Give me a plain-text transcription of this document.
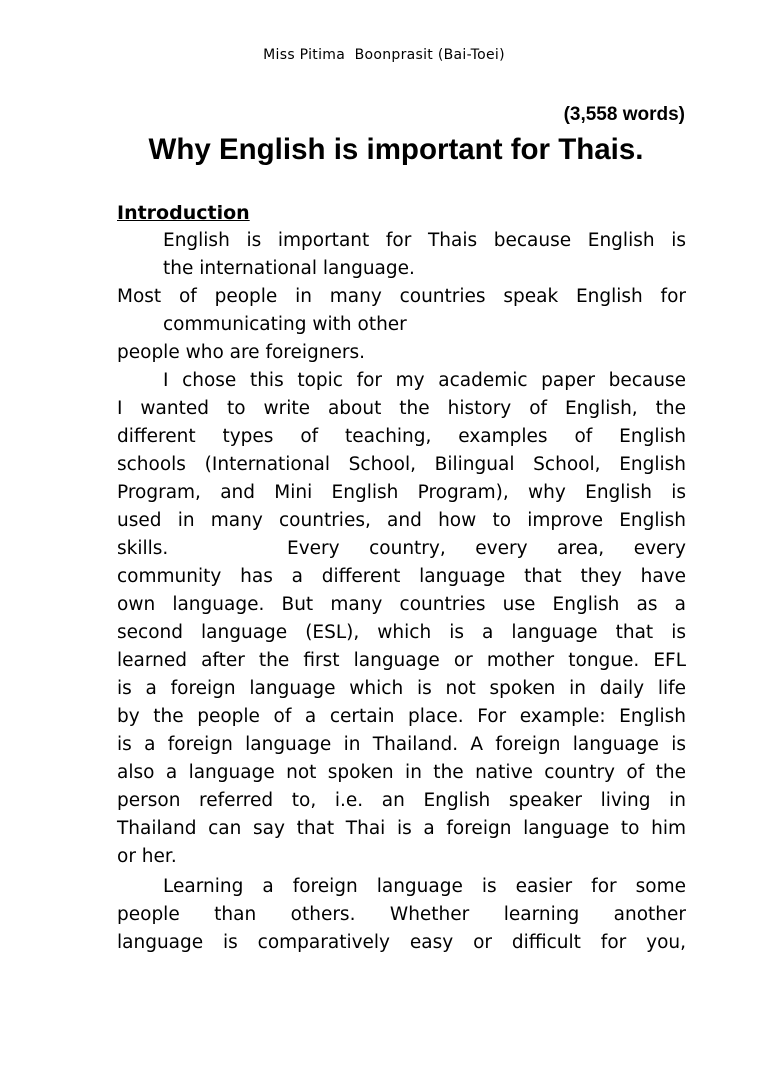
Miss Pitima  Boonprasit (Bai-Toei)
(3,558 words)
Why English is important for Thais.
Introduction
English is important for Thais because English is
the international language.
Most of people in many countries speak English for
communicating with other
people who are foreigners.
I chose this topic for my academic paper because
I wanted to write about the history of English, the
different types of teaching, examples of English
schools (International School, Bilingual School, English
Program, and Mini English Program), why English is
used in many countries, and how to improve English
skills.	Every country, every area, every
community has a different language that they have
own language. But many countries use English as a
second language (ESL), which is a language that is
learned after the first language or mother tongue. EFL
is a foreign language which is not spoken in daily life
by the people of a certain place. For example: English
is a foreign language in Thailand. A foreign language is
also a language not spoken in the native country of the
person referred to, i.e. an English speaker living in
Thailand can say that Thai is a foreign language to him
or her.
Learning a foreign language is easier for some
people than others. Whether learning another
language is comparatively easy or difficult for you,
